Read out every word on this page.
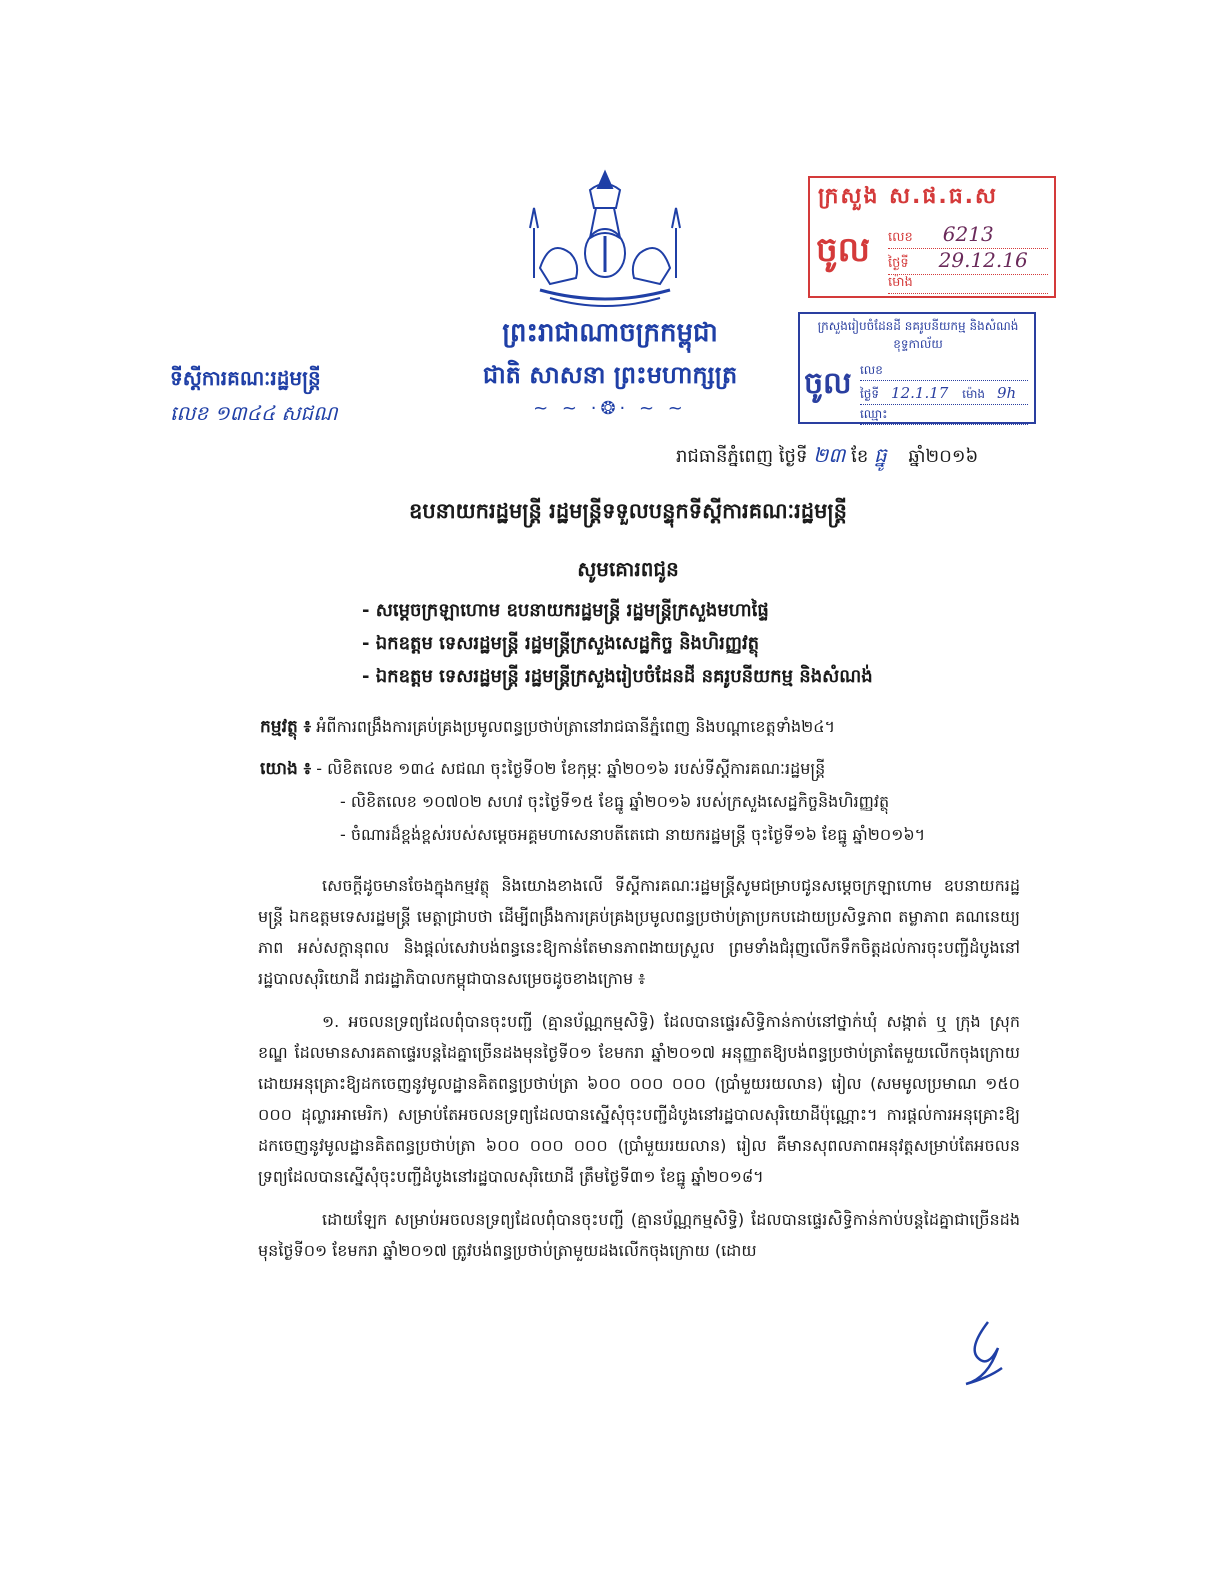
ព្រះរាជាណាចក្រកម្ពុជា
ជាតិ សាសនា ព្រះមហាក្សត្រ
~ ~ ·❂· ~ ~
ទីស្តីការគណៈរដ្ឋមន្ត្រី
លេខ ១៣៤៤ សជណ
ក្រសួង ស.ផ.ធ.ស
ចូល លេខ 6213
ថ្ងៃទី 29.12.16
ម៉ោង
ក្រសួងរៀបចំដែនដី នគរូបនីយកម្ម និងសំណង់ ខុទ្ទកាល័យ
ចូល លេខ
ថ្ងៃទី 12.1.17 ម៉ោង 9h
ឈ្មោះ
រាជធានីភ្នំពេញ ថ្ងៃទី ២៣ ខែ ធ្នូ ឆ្នាំ២០១៦
ឧបនាយករដ្ឋមន្ត្រី រដ្ឋមន្ត្រីទទួលបន្ទុកទីស្តីការគណៈរដ្ឋមន្ត្រី
សូមគោរពជូន
- សម្តេចក្រឡាហោម ឧបនាយករដ្ឋមន្ត្រី រដ្ឋមន្ត្រីក្រសួងមហាផ្ទៃ
- ឯកឧត្តម ទេសរដ្ឋមន្ត្រី រដ្ឋមន្ត្រីក្រសួងសេដ្ឋកិច្ច និងហិរញ្ញវត្ថុ
- ឯកឧត្តម ទេសរដ្ឋមន្ត្រី រដ្ឋមន្ត្រីក្រសួងរៀបចំដែនដី នគរូបនីយកម្ម និងសំណង់
កម្មវត្ថុ ៖ អំពីការពង្រឹងការគ្រប់គ្រងប្រមូលពន្ធប្រថាប់ត្រានៅរាជធានីភ្នំពេញ និងបណ្តាខេត្តទាំង២៤។
យោង ៖ - លិខិតលេខ ១៣៤ សជណ ចុះថ្ងៃទី០២ ខែកុម្ភៈ ឆ្នាំ២០១៦ របស់ទីស្តីការគណៈរដ្ឋមន្ត្រី
- លិខិតលេខ ១០៧០២ សហវ ចុះថ្ងៃទី១៥ ខែធ្នូ ឆ្នាំ២០១៦ របស់ក្រសួងសេដ្ឋកិច្ចនិងហិរញ្ញវត្ថុ
- ចំណារដ៏ខ្ពង់ខ្ពស់របស់សម្តេចអគ្គមហាសេនាបតីតេជោ នាយករដ្ឋមន្ត្រី ចុះថ្ងៃទី១៦ ខែធ្នូ ឆ្នាំ២០១៦។

សេចក្តីដូចមានចែងក្នុងកម្មវត្ថុ និងយោងខាងលើ ទីស្តីការគណៈរដ្ឋមន្ត្រីសូមជម្រាបជូនសម្តេចក្រឡាហោម ឧបនាយករដ្ឋមន្ត្រី ឯកឧត្តមទេសរដ្ឋមន្ត្រី មេត្តាជ្រាបថា ដើម្បីពង្រឹងការគ្រប់គ្រងប្រមូលពន្ធប្រថាប់ត្រាប្រកបដោយប្រសិទ្ធភាព តម្លាភាព គណនេយ្យភាព អស់សក្តានុពល និងផ្តល់សេវាបង់ពន្ធនេះឱ្យកាន់តែមានភាពងាយស្រួល ព្រមទាំងជំរុញលើកទឹកចិត្តដល់ការចុះបញ្ជីដំបូងនៅរដ្ឋបាលសុរិយោដី រាជរដ្ឋាភិបាលកម្ពុជាបានសម្រេចដូចខាងក្រោម ៖

១. អចលនទ្រព្យដែលពុំបានចុះបញ្ជី (គ្មានប័ណ្ណកម្មសិទ្ធិ) ដែលបានផ្ទេរសិទ្ធិកាន់កាប់នៅថ្នាក់ឃុំ សង្កាត់ ឬ ក្រុង ស្រុក ខណ្ឌ ដែលមានសារគតាផ្ទេរបន្តដៃគ្នាច្រើនដងមុនថ្ងៃទី០១ ខែមករា ឆ្នាំ២០១៧ អនុញ្ញាតឱ្យបង់ពន្ធប្រថាប់ត្រាតែមួយលើកចុងក្រោយ ដោយអនុគ្រោះឱ្យដកចេញនូវមូលដ្ឋានគិតពន្ធប្រថាប់ត្រា ៦០០ ០០០ ០០០ (ប្រាំមួយរយលាន) រៀល (សមមូលប្រមាណ ១៥០ ០០០ ដុល្លារអាមេរិក) សម្រាប់តែអចលនទ្រព្យដែលបានស្នើសុំចុះបញ្ជីដំបូងនៅរដ្ឋបាលសុរិយោដីប៉ុណ្ណោះ។ ការផ្តល់ការអនុគ្រោះឱ្យដកចេញនូវមូលដ្ឋានគិតពន្ធប្រថាប់ត្រា ៦០០ ០០០ ០០០ (ប្រាំមួយរយលាន) រៀល គឺមានសុពលភាពអនុវត្តសម្រាប់តែអចលនទ្រព្យដែលបានស្នើសុំចុះបញ្ជីដំបូងនៅរដ្ឋបាលសុរិយោដី ត្រឹមថ្ងៃទី៣១ ខែធ្នូ ឆ្នាំ២០១៨។

ដោយឡែក សម្រាប់អចលនទ្រព្យដែលពុំបានចុះបញ្ជី (គ្មានប័ណ្ណកម្មសិទ្ធិ) ដែលបានផ្ទេរសិទ្ធិកាន់កាប់បន្តដៃគ្នាជាច្រើនដងមុនថ្ងៃទី០១ ខែមករា ឆ្នាំ២០១៧ ត្រូវបង់ពន្ធប្រថាប់ត្រាមួយដងលើកចុងក្រោយ (ដោយ
